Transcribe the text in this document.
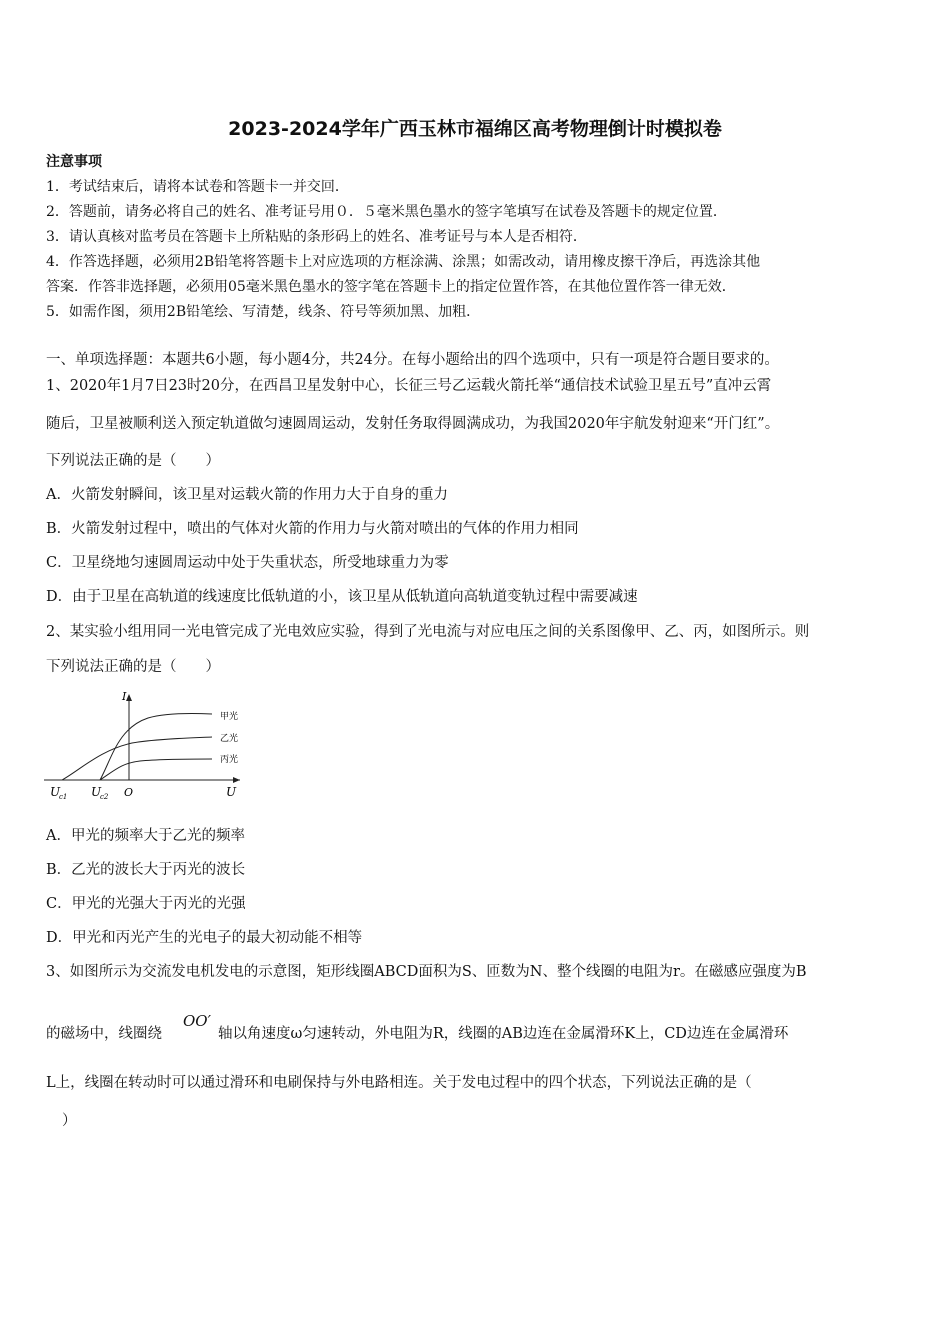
2023-2024学年广西玉林市福绵区高考物理倒计时模拟卷
注意事项
1．考试结束后，请将本试卷和答题卡一并交回．
2．答题前，请务必将自己的姓名、准考证号用０．５毫米黑色墨水的签字笔填写在试卷及答题卡的规定位置．
3．请认真核对监考员在答题卡上所粘贴的条形码上的姓名、准考证号与本人是否相符．
4．作答选择题，必须用2B铅笔将答题卡上对应选项的方框涂满、涂黑；如需改动，请用橡皮擦干净后，再选涂其他
答案．作答非选择题，必须用05毫米黑色墨水的签字笔在答题卡上的指定位置作答，在其他位置作答一律无效．
5．如需作图，须用2B铅笔绘、写清楚，线条、符号等须加黑、加粗．
一、单项选择题：本题共6小题，每小题4分，共24分。在每小题给出的四个选项中，只有一项是符合题目要求的。
1、2020年1月7日23时20分，在西昌卫星发射中心，长征三号乙运载火箭托举“通信技术试验卫星五号”直冲云霄
随后，卫星被顺利送入预定轨道做匀速圆周运动，发射任务取得圆满成功，为我国2020年宇航发射迎来“开门红”。
下列说法正确的是（　　）
A．火箭发射瞬间，该卫星对运载火箭的作用力大于自身的重力
B．火箭发射过程中，喷出的气体对火箭的作用力与火箭对喷出的气体的作用力相同
C．卫星绕地匀速圆周运动中处于失重状态，所受地球重力为零
D．由于卫星在高轨道的线速度比低轨道的小，该卫星从低轨道向高轨道变轨过程中需要减速
2、某实验小组用同一光电管完成了光电效应实验，得到了光电流与对应电压之间的关系图像甲、乙、丙，如图所示。则
下列说法正确的是（　　）
I
U
O
U
c1 U
c2
甲光
乙光
丙光
A．甲光的频率大于乙光的频率
B．乙光的波长大于丙光的波长
C．甲光的光强大于丙光的光强
D．甲光和丙光产生的光电子的最大初动能不相等
3、如图所示为交流发电机发电的示意图，矩形线圈ABCD面积为S、匝数为N、整个线圈的电阻为r。在磁感应强度为B
的磁场中，线圈绕
OO′
轴以角速度ω匀速转动，外电阻为R，线圈的AB边连在金属滑环K上，CD边连在金属滑环
L上，线圈在转动时可以通过滑环和电刷保持与外电路相连。关于发电过程中的四个状态，下列说法正确的是（
）
